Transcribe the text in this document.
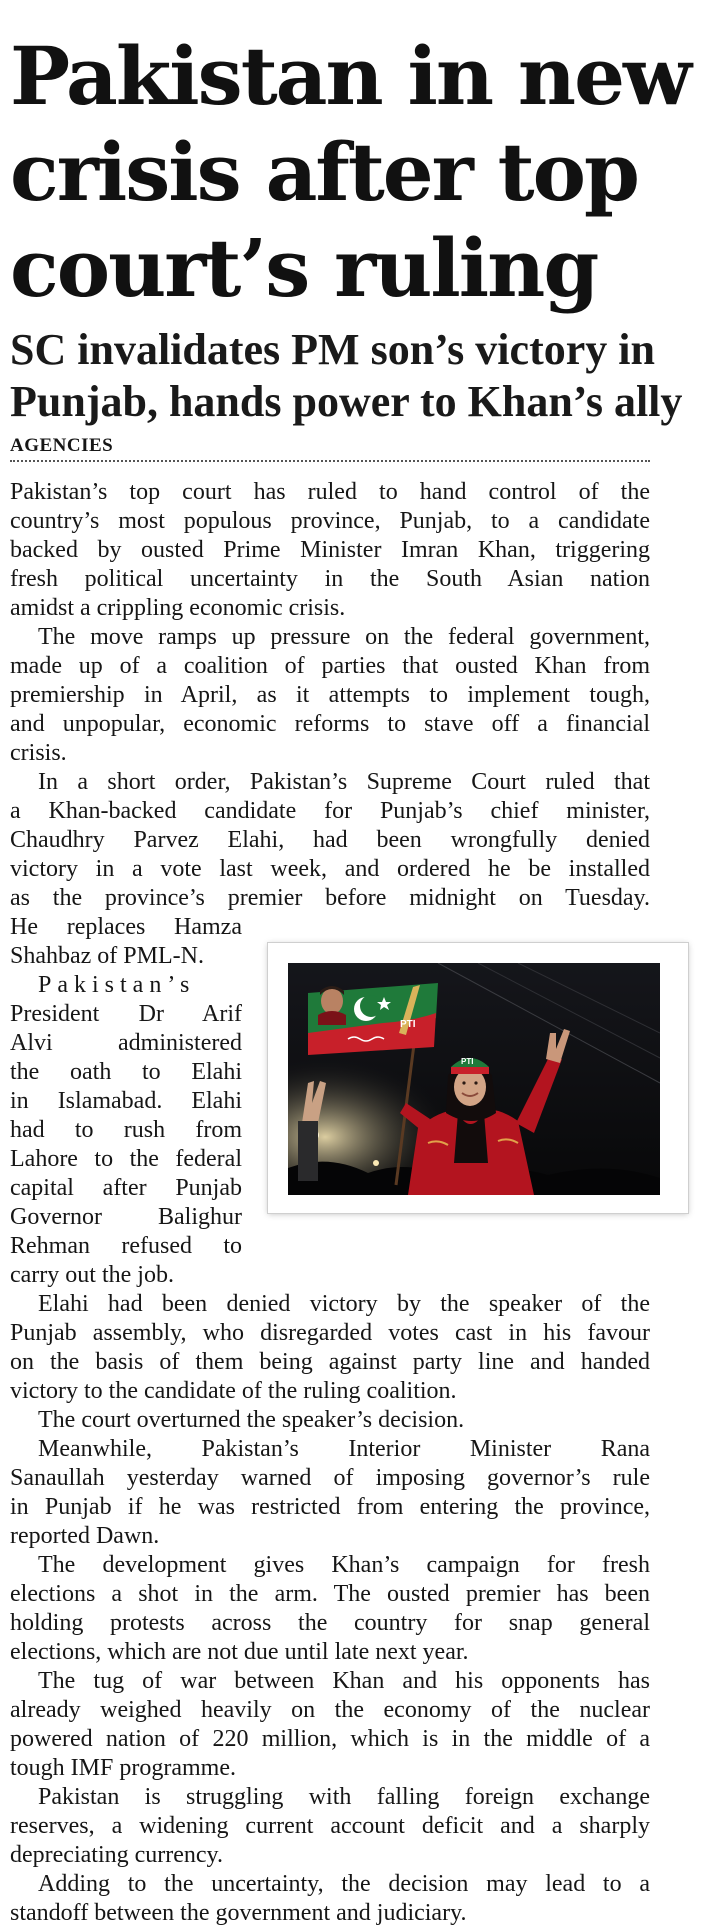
Pakistan in new
crisis after top
court’s ruling
SC invalidates PM son’s victory in
Punjab, hands power to Khan’s ally
AGENCIES
Pakistan’s top court has ruled to hand control of the
country’s most populous province, Punjab, to a candidate
backed by ousted Prime Minister Imran Khan, triggering
fresh political uncertainty in the South Asian nation
amidst a crippling economic crisis.
The move ramps up pressure on the federal government,
made up of a coalition of parties that ousted Khan from
premiership in April, as it attempts to implement tough,
and unpopular, economic reforms to stave off a financial
crisis.
In a short order, Pakistan’s Supreme Court ruled that
a Khan-backed candidate for Punjab’s chief minister,
Chaudhry Parvez Elahi, had been wrongfully denied
victory in a vote last week, and ordered he be installed
as the province’s premier before midnight on Tuesday.
He replaces Hamza
Shahbaz of PML-N.
Pakistan’s
President Dr Arif
Alvi administered
the oath to Elahi
in Islamabad. Elahi
had to rush from
Lahore to the federal
capital after Punjab
Governor Balighur
Rehman refused to
carry out the job.
Elahi had been denied victory by the speaker of the
Punjab assembly, who disregarded votes cast in his favour
on the basis of them being against party line and handed
victory to the candidate of the ruling coalition.
The court overturned the speaker’s decision.
Meanwhile, Pakistan’s Interior Minister Rana
Sanaullah yesterday warned of imposing governor’s rule
in Punjab if he was restricted from entering the province,
reported Dawn.
The development gives Khan’s campaign for fresh
elections a shot in the arm. The ousted premier has been
holding protests across the country for snap general
elections, which are not due until late next year.
The tug of war between Khan and his opponents has
already weighed heavily on the economy of the nuclear
powered nation of 220 million, which is in the middle of a
tough IMF programme.
Pakistan is struggling with falling foreign exchange
reserves, a widening current account deficit and a sharply
depreciating currency.
Adding to the uncertainty, the decision may lead to a
standoff between the government and judiciary.
PTI
PTI
